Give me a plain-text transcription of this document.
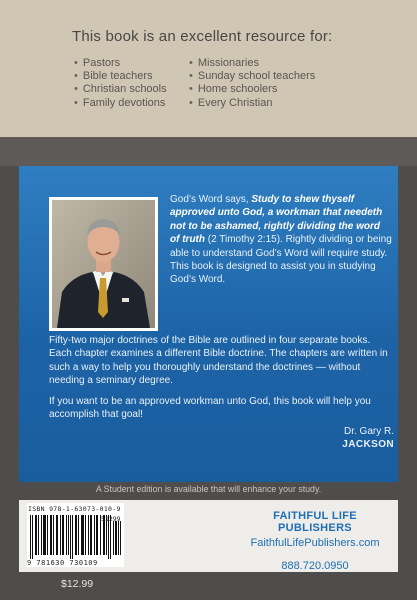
This book is an excellent resource for:
• Pastors
• Bible teachers
• Christian schools
• Family devotions
• Missionaries
• Sunday school teachers
• Home schoolers
• Every Christian
God’s Word says, Study to shew thyself approved unto God, a workman that needeth not to be ashamed, rightly dividing the word of truth (2 Timothy 2:15). Rightly dividing or being able to understand God’s Word will require study. This book is designed to assist you in studying God’s Word.
Fifty-two major doctrines of the Bible are outlined in four separate books. Each chapter examines a different Bible doctrine. The chapters are written in such a way to help you thoroughly understand the doctrines — without needing a seminary degree.
If you want to be an approved workman unto God, this book will help you accomplish that goal!
Dr. Gary R.
JACKSON
A Student edition is available that will enhance your study.
ISBN 978-1-63073-010-9
51299
9 781630 730109
FAITHFUL LIFE PUBLISHERS
FaithfulLifePublishers.com
888.720.0950
$12.99
